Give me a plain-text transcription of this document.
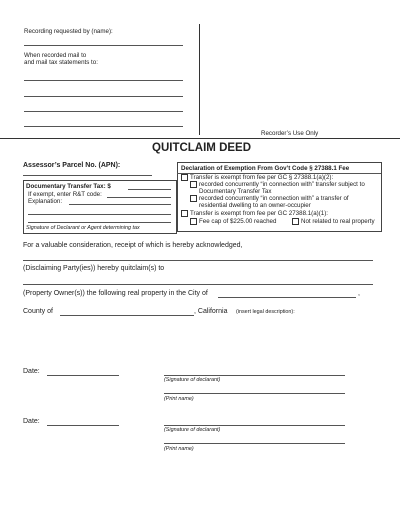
Recording requested by (name):
When recorded mail to
and mail tax statements to:
Recorder’s Use Only
QUITCLAIM DEED
Assessor’s Parcel No. (APN):
Documentary Transfer Tax: $
If exempt, enter R&T code:
Explanation:
Signature of Declarant or Agent determining tax
Declaration of Exemption From Gov’t Code § 27388.1 Fee
Transfer is exempt from fee per GC § 27388.1(a)(2):
recorded concurrently “in connection with” transfer subject to
Documentary Transfer Tax
recorded concurrently “in connection with” a transfer of
residential dwelling to an owner-occupier
Transfer is exempt from fee per GC 27388.1(a)(1):
Fee cap of $225.00 reached	Not related to real property
For a valuable consideration, receipt of which is hereby acknowledged,
(Disclaiming Party(ies)) hereby quitclaim(s) to
(Property Owner(s)) the following real property in the City of	,
County of	, California (insert legal description):
Date:
(Signature of declarant)
(Print name)
Date:
(Signature of declarant)
(Print name)
